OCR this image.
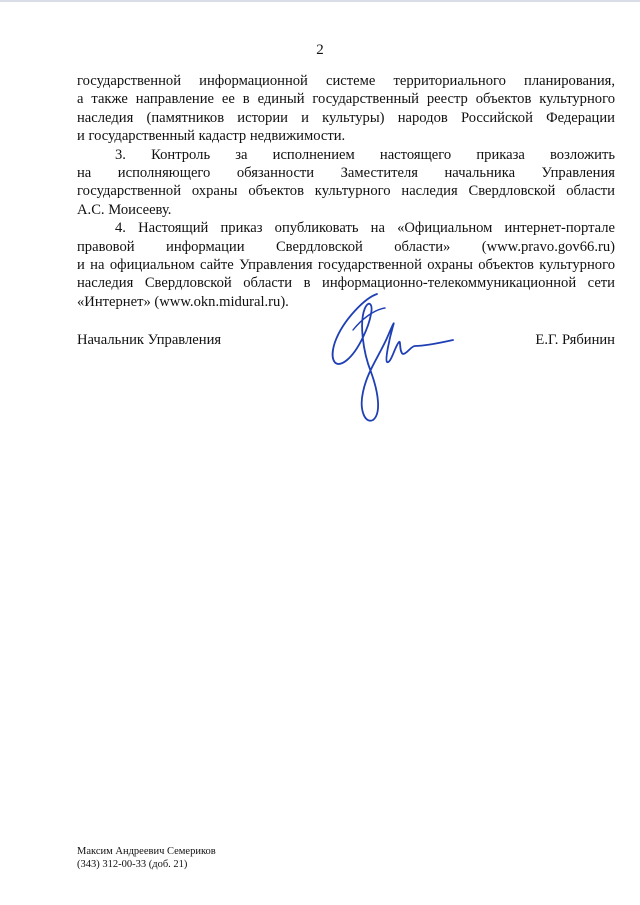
2
государственной информационной системе территориального планирования,
а также направление ее в единый государственный реестр объектов культурного
наследия (памятников истории и культуры) народов Российской Федерации
и государственный кадастр недвижимости.
3. Контроль за исполнением настоящего приказа возложить
на исполняющего обязанности Заместителя начальника Управления
государственной охраны объектов культурного наследия Свердловской области
А.С. Моисееву.
4. Настоящий приказ опубликовать на «Официальном интернет-портале
правовой информации Свердловской области» (www.pravo.gov66.ru)
и на официальном сайте Управления государственной охраны объектов культурного
наследия Свердловской области в информационно-телекоммуникационной сети
«Интернет» (www.okn.midural.ru).
Начальник Управления	Е.Г. Рябинин
Максим Андреевич Семериков
(343) 312-00-33 (доб. 21)
